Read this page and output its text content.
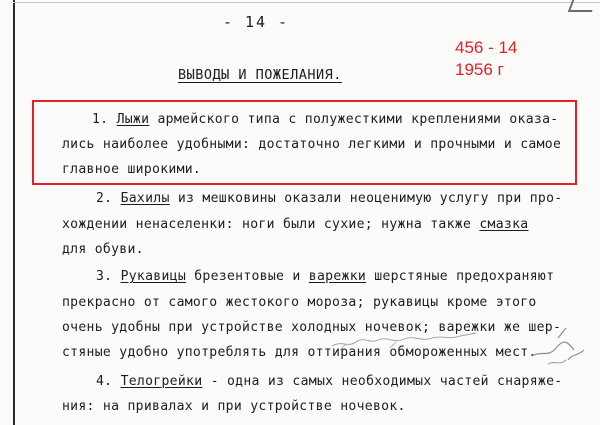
- 14 -
456 - 14
1956 г
ВЫВОДЫ И ПОЖЕЛАНИЯ.
1. Лыжи армейского типа с полужесткими креплениями оказа-
лись наиболее удобными: достаточно легкими и прочными и самое
главное широкими.
2. Бахилы из мешковины оказали неоценимую услугу при про-
хождении ненаселенки: ноги были сухие; нужна также смазка
для обуви.
3. Рукавицы брезентовые и варежки шерстяные предохраняют
прекрасно от самого жестокого мороза; рукавицы кроме этого
очень удобны при устройстве холодных ночевок; варежки же шер-
стяные удобно употреблять для оттирания обмороженных мест.
4. Телогрейки - одна из самых необходимых частей снаряже-
ния: на привалах и при устройстве ночевок.
